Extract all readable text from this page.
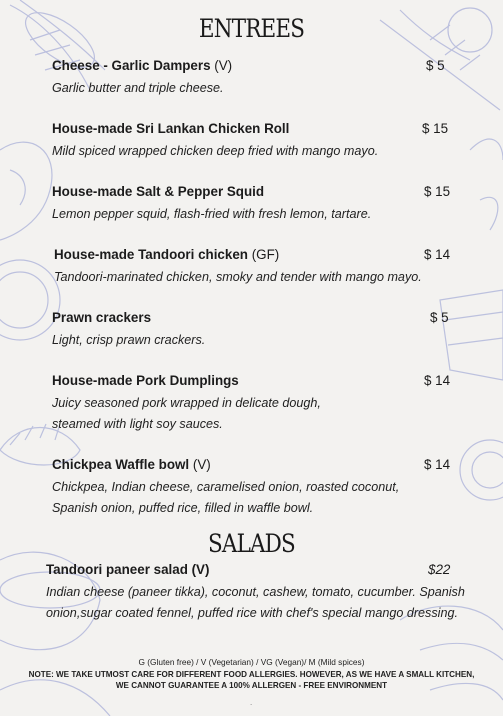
ENTREES
Cheese - Garlic Dampers (V)	$ 5
Garlic butter and triple cheese.
House-made Sri Lankan Chicken Roll	$ 15
Mild spiced wrapped chicken deep fried with mango mayo.
House-made Salt & Pepper Squid	$ 15
Lemon pepper squid, flash-fried with fresh lemon, tartare.
House-made Tandoori chicken (GF)	$ 14
Tandoori-marinated chicken, smoky and tender with mango mayo.
Prawn crackers	$ 5
Light, crisp prawn crackers.
House-made Pork Dumplings	$ 14
Juicy seasoned pork wrapped in delicate dough,
steamed with light soy sauces.
Chickpea Waffle bowl (V)	$ 14
Chickpea, Indian cheese, caramelised onion, roasted coconut,
Spanish onion, puffed rice, filled in waffle bowl.
SALADS
Tandoori paneer salad (V)	$22
Indian cheese (paneer tikka), coconut, cashew, tomato, cucumber. Spanish
onion,sugar coated fennel, puffed rice with chef's special mango dressing.
G (Gluten free) / V (Vegetarian) / VG (Vegan)/ M (Mild spices)
NOTE: WE TAKE UTMOST CARE FOR DIFFERENT FOOD ALLERGIES. HOWEVER, AS WE HAVE A SMALL KITCHEN,
WE CANNOT GUARANTEE A 100% ALLERGEN - FREE ENVIRONMENT
.
